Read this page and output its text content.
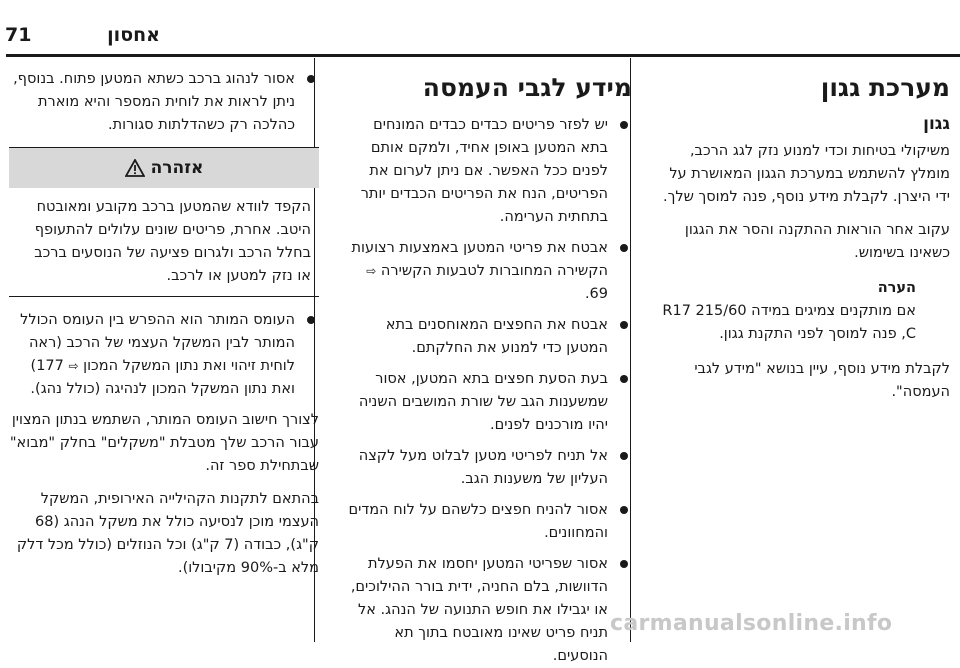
אחסון
71
מערכת גגון
גגון

משיקולי בטיחות וכדי למנוע נזק לגג הרכב, מומלץ להשתמש במערכת הגגון המאושרת על ידי היצרן. לקבלת מידע נוסף, פנה למוסך שלך.

עקוב אחר הוראות ההתקנה והסר את הגגון כשאינו בשימוש.

הערה

אם מותקנים צמיגים במידה 215/60 R17 C, פנה למוסך לפני התקנת גגון.

לקבלת מידע נוסף, עיין בנושא "מידע לגבי העמסה".

מידע לגבי העמסה
יש לפזר פריטים כבדים כבדים המונחים בתא המטען באופן אחיד, ולמקם אותם לפנים ככל האפשר. אם ניתן לערום את הפריטים, הנח את הפריטים הכבדים יותר בתחתית הערימה.
אבטח את פריטי המטען באמצעות רצועות הקשירה המחוברות לטבעות הקשירה ⇨ 69.
אבטח את החפצים המאוחסנים בתא המטען כדי למנוע את החלקתם.
בעת הסעת חפצים בתא המטען, אסור שמשענות הגב של שורת המושבים השניה יהיו מורכנים לפנים.
אל תניח לפריטי מטען לבלוט מעל לקצה העליון של משענות הגב.
אסור להניח חפצים כלשהם על לוח המדים והמחוונים.
אסור שפריטי המטען יחסמו את הפעלת הדוושות, בלם החניה, ידית בורר ההילוכים, או יגבילו את חופש התנועה של הנהג. אל תניח פריט שאינו מאובטח בתוך תא הנוסעים.
אסור לנהוג ברכב כשתא המטען פתוח. בנוסף, ניתן לראות את לוחית המספר והיא מוארת כהלכה רק כשהדלתות סגורות.
אזהרה

הקפד לוודא שהמטען ברכב מקובע ומאובטח היטב. אחרת, פריטים שונים עלולים להתעופף בחלל הרכב ולגרום פציעה של הנוסעים ברכב או נזק למטען או לרכב.

העומס המותר הוא ההפרש בין העומס הכולל המותר לבין המשקל העצמי של הרכב (ראה לוחית זיהוי ואת נתון המשקל המכון ⇨ 177) ואת נתון המשקל המכון לנהיגה (כולל נהג).

לצורך חישוב העומס המותר, השתמש בנתון המצוין עבור הרכב שלך מטבלת "משקלים" בחלק "מבוא" שבתחילת ספר זה.

בהתאם לתקנות הקהילייה האירופית, המשקל העצמי מוכן לנסיעה כולל את משקל הנהג (68 ק"ג), כבודה (7 ק"ג) וכל הנוזלים (כולל מכל דלק מלא ב-90% מקיבולו).

carmanualsonline.info
